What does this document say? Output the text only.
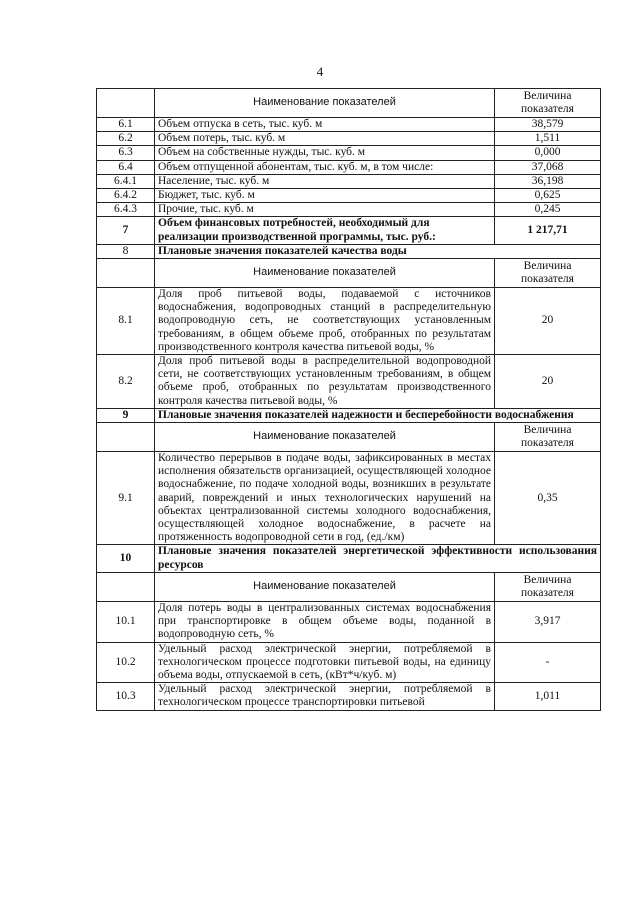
4
	Наименование показателей	Величина показателя
6.1	Объем отпуска в сеть, тыс. куб. м	38,579
6.2	Объем потерь, тыс. куб. м	1,511
6.3	Объем на собственные нужды, тыс. куб. м	0,000
6.4	Объем отпущенной абонентам, тыс. куб. м, в том числе:	37,068
6.4.1	Население, тыс. куб. м	36,198
6.4.2	Бюджет, тыс. куб. м	0,625
6.4.3	Прочие, тыс. куб. м	0,245
7	Объем финансовых потребностей, необходимый для реализации производственной программы, тыс. руб.:	1 217,71
8	Плановые значения показателей качества воды	
	Наименование показателей	Величина показателя
8.1	Доля проб питьевой воды, подаваемой с источников водоснабжения, водопроводных станций в распределительную водопроводную сеть, не соответствующих установленным требованиям, в общем объеме проб, отобранных по результатам производственного контроля качества питьевой воды, %	20
8.2	Доля проб питьевой воды в распределительной водопроводной сети, не соответствующих установленным требованиям, в общем объеме проб, отобранных по результатам производственного контроля качества питьевой воды, %	20
9	Плановые значения показателей надежности и бесперебойности водоснабжения	
	Наименование показателей	Величина показателя
9.1	Количество перерывов в подаче воды, зафиксированных в местах исполнения обязательств организацией, осуществляющей холодное водоснабжение, по подаче холодной воды, возникших в результате аварий, повреждений и иных технологических нарушений на объектах централизованной системы холодного водоснабжения, осуществляющей холодное водоснабжение, в расчете на протяженность водопроводной сети в год, (ед./км)	0,35
10	Плановые значения показателей энергетической эффективности использования ресурсов	
	Наименование показателей	Величина показателя
10.1	Доля потерь воды в централизованных системах водоснабжения при транспортировке в общем объеме воды, поданной в водопроводную сеть, %	3,917
10.2	Удельный расход электрической энергии, потребляемой в технологическом процессе подготовки питьевой воды, на единицу объема воды, отпускаемой в сеть, (кВт*ч/куб. м)	-
10.3	Удельный расход электрической энергии, потребляемой в технологическом процессе транспортировки питьевой	1,011
